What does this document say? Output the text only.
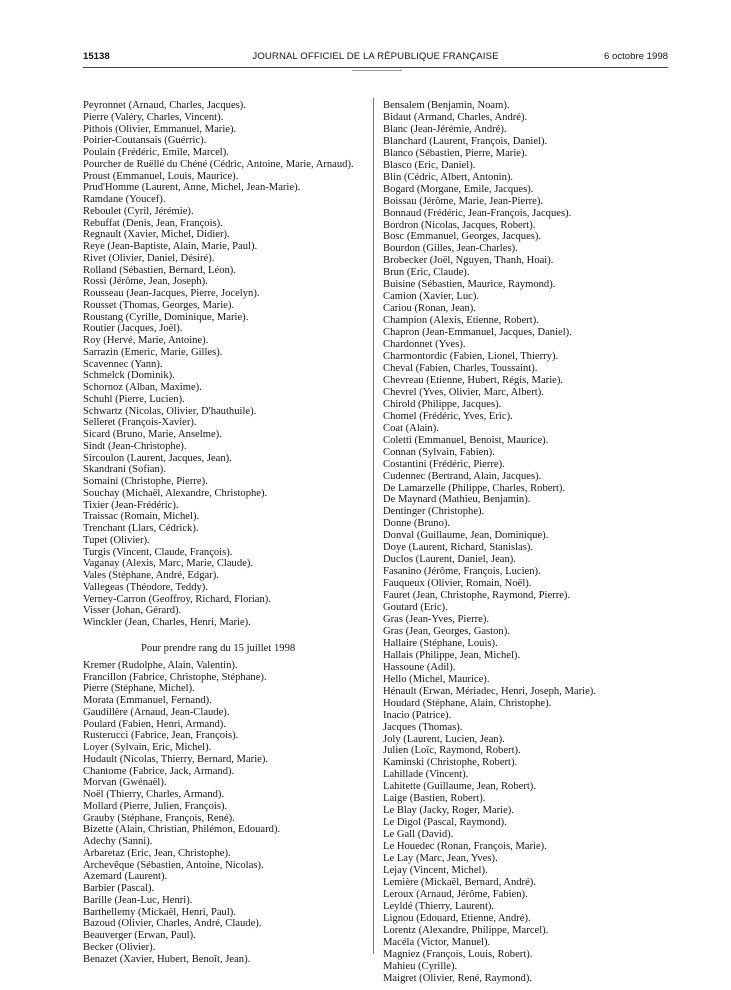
15138	JOURNAL OFFICIEL DE LA RÉPUBLIQUE FRANÇAISE	6 octobre 1998
Peyronnet (Arnaud, Charles, Jacques).
Pierre (Valéry, Charles, Vincent).
Pithois (Olivier, Emmanuel, Marie).
Poirier-Coutansais (Guérric).
Poulain (Frédéric, Emile, Marcel).
Pourcher de Ruëllé du Chéné (Cédric, Antoine, Marie, Arnaud).
Proust (Emmanuel, Louis, Maurice).
Prud'Homme (Laurent, Anne, Michel, Jean-Marie).
Ramdane (Youcef).
Reboulet (Cyril, Jérémie).
Rebuffat (Denis, Jean, François).
Regnault (Xavier, Michel, Didier).
Reye (Jean-Baptiste, Alain, Marie, Paul).
Rivet (Olivier, Daniel, Désiré).
Rolland (Sébastien, Bernard, Léon).
Rossi (Jérôme, Jean, Joseph).
Rousseau (Jean-Jacques, Pierre, Jocelyn).
Rousset (Thomas, Georges, Marie).
Roustang (Cyrille, Dominique, Marie).
Routier (Jacques, Joël).
Roy (Hervé, Marie, Antoine).
Sarrazin (Emeric, Marie, Gilles).
Scavennec (Yann).
Schmelck (Dominik).
Schornoz (Alban, Maxime).
Schuhl (Pierre, Lucien).
Schwartz (Nicolas, Olivier, D'hauthuile).
Selleret (François-Xavier).
Sicard (Bruno, Marie, Anselme).
Sindt (Jean-Christophe).
Sircoulon (Laurent, Jacques, Jean).
Skandrani (Sofian).
Somaini (Christophe, Pierre).
Souchay (Michaël, Alexandre, Christophe).
Tixier (Jean-Frédéric).
Traissac (Romain, Michel).
Trenchant (Llars, Cédrick).
Tupet (Olivier).
Turgis (Vincent, Claude, François).
Vaganay (Alexis, Marc, Marie, Claude).
Vales (Stéphane, André, Edgar).
Vallegeas (Théodore, Teddy).
Verney-Carron (Geoffroy, Richard, Florian).
Visser (Johan, Gérard).
Winckler (Jean, Charles, Henri, Marie).
Pour prendre rang du 15 juillet 1998
Kremer (Rudolphe, Alain, Valentin).
Francillon (Fabrice, Christophe, Stéphane).
Pierre (Stéphane, Michel).
Morata (Emmanuel, Fernand).
Gaudillère (Arnaud, Jean-Claude).
Poulard (Fabien, Henri, Armand).
Rusterucci (Fabrice, Jean, François).
Loyer (Sylvain, Eric, Michel).
Hudault (Nicolas, Thierry, Bernard, Marie).
Chantome (Fabrice, Jack, Armand).
Morvan (Gwénaël).
Noël (Thierry, Charles, Armand).
Mollard (Pierre, Julien, François).
Grauby (Stéphane, François, René).
Bizette (Alain, Christian, Philémon, Edouard).
Adechy (Sanni).
Arbaretaz (Eric, Jean, Christophe).
Archevêque (Sébastien, Antoine, Nicolas).
Azemard (Laurent).
Barbier (Pascal).
Barille (Jean-Luc, Henri).
Barthellemy (Mickaël, Henri, Paul).
Bazoud (Olivier, Charles, André, Claude).
Beauverger (Erwan, Paul).
Becker (Olivier).
Benazet (Xavier, Hubert, Benoît, Jean).
Bensalem (Benjamin, Noam).
Bidaut (Armand, Charles, André).
Blanc (Jean-Jérémie, André).
Blanchard (Laurent, François, Daniel).
Blanco (Sébastien, Pierre, Marie).
Blasco (Eric, Daniel).
Blin (Cédric, Albert, Antonin).
Bogard (Morgane, Emile, Jacques).
Boissau (Jérôme, Marie, Jean-Pierre).
Bonnaud (Frédéric, Jean-François, Jacques).
Bordron (Nicolas, Jacques, Robert).
Bosc (Emmanuel, Georges, Jacques).
Bourdon (Gilles, Jean-Charles).
Brobecker (Joël, Nguyen, Thanh, Hoai).
Brun (Eric, Claude).
Buisine (Sébastien, Maurice, Raymond).
Camion (Xavier, Luc).
Cariou (Ronan, Jean).
Champion (Alexis, Etienne, Robert).
Chapron (Jean-Emmanuel, Jacques, Daniel).
Chardonnet (Yves).
Charmontordic (Fabien, Lionel, Thierry).
Cheval (Fabien, Charles, Toussaint).
Chevreau (Etienne, Hubert, Régis, Marie).
Chevrel (Yves, Olivier, Marc, Albert).
Chirold (Philippe, Jacques).
Chomel (Frédéric, Yves, Eric).
Coat (Alain).
Coletti (Emmanuel, Benoist, Maurice).
Connan (Sylvain, Fabien).
Costantini (Frédéric, Pierre).
Cudennec (Bertrand, Alain, Jacques).
De Lamarzelle (Philippe, Charles, Robert).
De Maynard (Mathieu, Benjamin).
Dentinger (Christophe).
Donne (Bruno).
Donval (Guillaume, Jean, Dominique).
Doye (Laurent, Richard, Stanislas).
Duclos (Laurent, Daniel, Jean).
Fasanino (Jérôme, François, Lucien).
Fauqueux (Olivier, Romain, Noël).
Fauret (Jean, Christophe, Raymond, Pierre).
Goutard (Eric).
Gras (Jean-Yves, Pierre).
Gras (Jean, Georges, Gaston).
Hallaire (Stéphane, Louis).
Hallais (Philippe, Jean, Michel).
Hassoune (Adil).
Hello (Michel, Maurice).
Hénault (Erwan, Mériadec, Henri, Joseph, Marie).
Houdard (Stéphane, Alain, Christophe).
Inacio (Patrice).
Jacques (Thomas).
Joly (Laurent, Lucien, Jean).
Julien (Loïc, Raymond, Robert).
Kaminski (Christophe, Robert).
Lahillade (Vincent).
Lahitette (Guillaume, Jean, Robert).
Laige (Bastien, Robert).
Le Blay (Jacky, Roger, Marie).
Le Digol (Pascal, Raymond).
Le Gall (David).
Le Houedec (Ronan, François, Marie).
Le Lay (Marc, Jean, Yves).
Lejay (Vincent, Michel).
Lemière (Mickaël, Bernard, André).
Leroux (Arnaud, Jérôme, Fabien).
Leyldé (Thierry, Laurent).
Lignou (Edouard, Etienne, André).
Lorentz (Alexandre, Philippe, Marcel).
Macéla (Victor, Manuel).
Magniez (François, Louis, Robert).
Mahieu (Cyrille).
Maigret (Olivier, René, Raymond).
